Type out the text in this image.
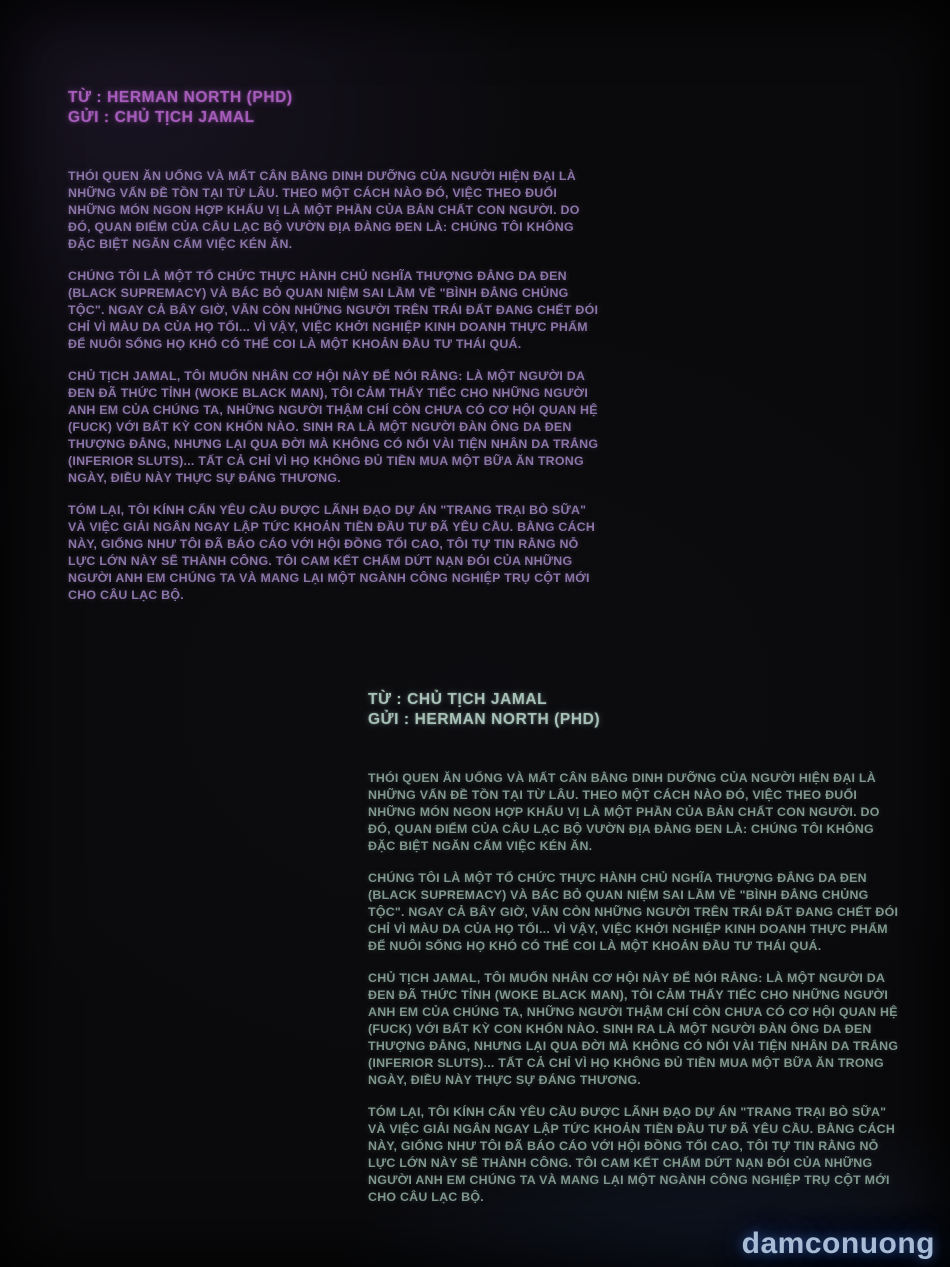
TỪ : HERMAN NORTH (PHD)
GỬI : CHỦ TỊCH JAMAL

THÓI QUEN ĂN UỐNG VÀ MẤT CÂN BẰNG DINH DƯỠNG CỦA NGƯỜI HIỆN ĐẠI LÀ NHỮNG VẤN ĐỀ TỒN TẠI TỪ LÂU. THEO MỘT CÁCH NÀO ĐÓ, VIỆC THEO ĐUỔI NHỮNG MÓN NGON HỢP KHẨU VỊ LÀ MỘT PHẦN CỦA BẢN CHẤT CON NGƯỜI. DO ĐÓ, QUAN ĐIỂM CỦA CÂU LẠC BỘ VƯỜN ĐỊA ĐÀNG ĐEN LÀ: CHÚNG TÔI KHÔNG ĐẶC BIỆT NGĂN CẤM VIỆC KÉN ĂN.

CHÚNG TÔI LÀ MỘT TỔ CHỨC THỰC HÀNH CHỦ NGHĨA THƯỢNG ĐẲNG DA ĐEN (BLACK SUPREMACY) VÀ BÁC BỎ QUAN NIỆM SAI LẦM VỀ "BÌNH ĐẲNG CHỦNG TỘC". NGAY CẢ BÂY GIỜ, VẪN CÒN NHỮNG NGƯỜI TRÊN TRÁI ĐẤT ĐANG CHẾT ĐÓI CHỈ VÌ MÀU DA CỦA HỌ TỐI... VÌ VẬY, VIỆC KHỞI NGHIỆP KINH DOANH THỰC PHẨM ĐỂ NUÔI SỐNG HỌ KHÓ CÓ THỂ COI LÀ MỘT KHOẢN ĐẦU TƯ THÁI QUÁ.

CHỦ TỊCH JAMAL, TÔI MUỐN NHÂN CƠ HỘI NÀY ĐỂ NÓI RẰNG: LÀ MỘT NGƯỜI DA ĐEN ĐÃ THỨC TỈNH (WOKE BLACK MAN), TÔI CẢM THẤY TIẾC CHO NHỮNG NGƯỜI ANH EM CỦA CHÚNG TA, NHỮNG NGƯỜI THẬM CHÍ CÒN CHƯA CÓ CƠ HỘI QUAN HỆ (FUCK) VỚI BẤT KỲ CON KHỐN NÀO. SINH RA LÀ MỘT NGƯỜI ĐÀN ÔNG DA ĐEN THƯỢNG ĐẲNG, NHƯNG LẠI QUA ĐỜI MÀ KHÔNG CÓ NỔI VÀI TIỆN NHÂN DA TRẮNG (INFERIOR SLUTS)... TẤT CẢ CHỈ VÌ HỌ KHÔNG ĐỦ TIỀN MUA MỘT BỮA ĂN TRONG NGÀY, ĐIỀU NÀY THỰC SỰ ĐÁNG THƯƠNG.

TÓM LẠI, TÔI KÍNH CẨN YÊU CẦU ĐƯỢC LÃNH ĐẠO DỰ ÁN "TRANG TRẠI BÒ SỮA" VÀ VIỆC GIẢI NGÂN NGAY LẬP TỨC KHOẢN TIỀN ĐẦU TƯ ĐÃ YÊU CẦU. BẰNG CÁCH NÀY, GIỐNG NHƯ TÔI ĐÃ BÁO CÁO VỚI HỘI ĐỒNG TỐI CAO, TÔI TỰ TIN RẰNG NỖ LỰC LỚN NÀY SẼ THÀNH CÔNG. TÔI CAM KẾT CHẤM DỨT NẠN ĐÓI CỦA NHỮNG NGƯỜI ANH EM CHÚNG TA VÀ MANG LẠI MỘT NGÀNH CÔNG NGHIỆP TRỤ CỘT MỚI CHO CÂU LẠC BỘ.

TỪ : CHỦ TỊCH JAMAL
GỬI : HERMAN NORTH (PHD)

THÓI QUEN ĂN UỐNG VÀ MẤT CÂN BẰNG DINH DƯỠNG CỦA NGƯỜI HIỆN ĐẠI LÀ NHỮNG VẤN ĐỀ TỒN TẠI TỪ LÂU. THEO MỘT CÁCH NÀO ĐÓ, VIỆC THEO ĐUỔI NHỮNG MÓN NGON HỢP KHẨU VỊ LÀ MỘT PHẦN CỦA BẢN CHẤT CON NGƯỜI. DO ĐÓ, QUAN ĐIỂM CỦA CÂU LẠC BỘ VƯỜN ĐỊA ĐÀNG ĐEN LÀ: CHÚNG TÔI KHÔNG ĐẶC BIỆT NGĂN CẤM VIỆC KÉN ĂN.

CHÚNG TÔI LÀ MỘT TỔ CHỨC THỰC HÀNH CHỦ NGHĨA THƯỢNG ĐẲNG DA ĐEN (BLACK SUPREMACY) VÀ BÁC BỎ QUAN NIỆM SAI LẦM VỀ "BÌNH ĐẲNG CHỦNG TỘC". NGAY CẢ BÂY GIỜ, VẪN CÒN NHỮNG NGƯỜI TRÊN TRÁI ĐẤT ĐANG CHẾT ĐÓI CHỈ VÌ MÀU DA CỦA HỌ TỐI... VÌ VẬY, VIỆC KHỞI NGHIỆP KINH DOANH THỰC PHẨM ĐỂ NUÔI SỐNG HỌ KHÓ CÓ THỂ COI LÀ MỘT KHOẢN ĐẦU TƯ THÁI QUÁ.

CHỦ TỊCH JAMAL, TÔI MUỐN NHÂN CƠ HỘI NÀY ĐỂ NÓI RẰNG: LÀ MỘT NGƯỜI DA ĐEN ĐÃ THỨC TỈNH (WOKE BLACK MAN), TÔI CẢM THẤY TIẾC CHO NHỮNG NGƯỜI ANH EM CỦA CHÚNG TA, NHỮNG NGƯỜI THẬM CHÍ CÒN CHƯA CÓ CƠ HỘI QUAN HỆ (FUCK) VỚI BẤT KỲ CON KHỐN NÀO. SINH RA LÀ MỘT NGƯỜI ĐÀN ÔNG DA ĐEN THƯỢNG ĐẲNG, NHƯNG LẠI QUA ĐỜI MÀ KHÔNG CÓ NỔI VÀI TIỆN NHÂN DA TRẮNG (INFERIOR SLUTS)... TẤT CẢ CHỈ VÌ HỌ KHÔNG ĐỦ TIỀN MUA MỘT BỮA ĂN TRONG NGÀY, ĐIỀU NÀY THỰC SỰ ĐÁNG THƯƠNG.

TÓM LẠI, TÔI KÍNH CẨN YÊU CẦU ĐƯỢC LÃNH ĐẠO DỰ ÁN "TRANG TRẠI BÒ SỮA" VÀ VIỆC GIẢI NGÂN NGAY LẬP TỨC KHOẢN TIỀN ĐẦU TƯ ĐÃ YÊU CẦU. BẰNG CÁCH NÀY, GIỐNG NHƯ TÔI ĐÃ BÁO CÁO VỚI HỘI ĐỒNG TỐI CAO, TÔI TỰ TIN RẰNG NỖ LỰC LỚN NÀY SẼ THÀNH CÔNG. TÔI CAM KẾT CHẤM DỨT NẠN ĐÓI CỦA NHỮNG NGƯỜI ANH EM CHÚNG TA VÀ MANG LẠI MỘT NGÀNH CÔNG NGHIỆP TRỤ CỘT MỚI CHO CÂU LẠC BỘ.

damconuong
